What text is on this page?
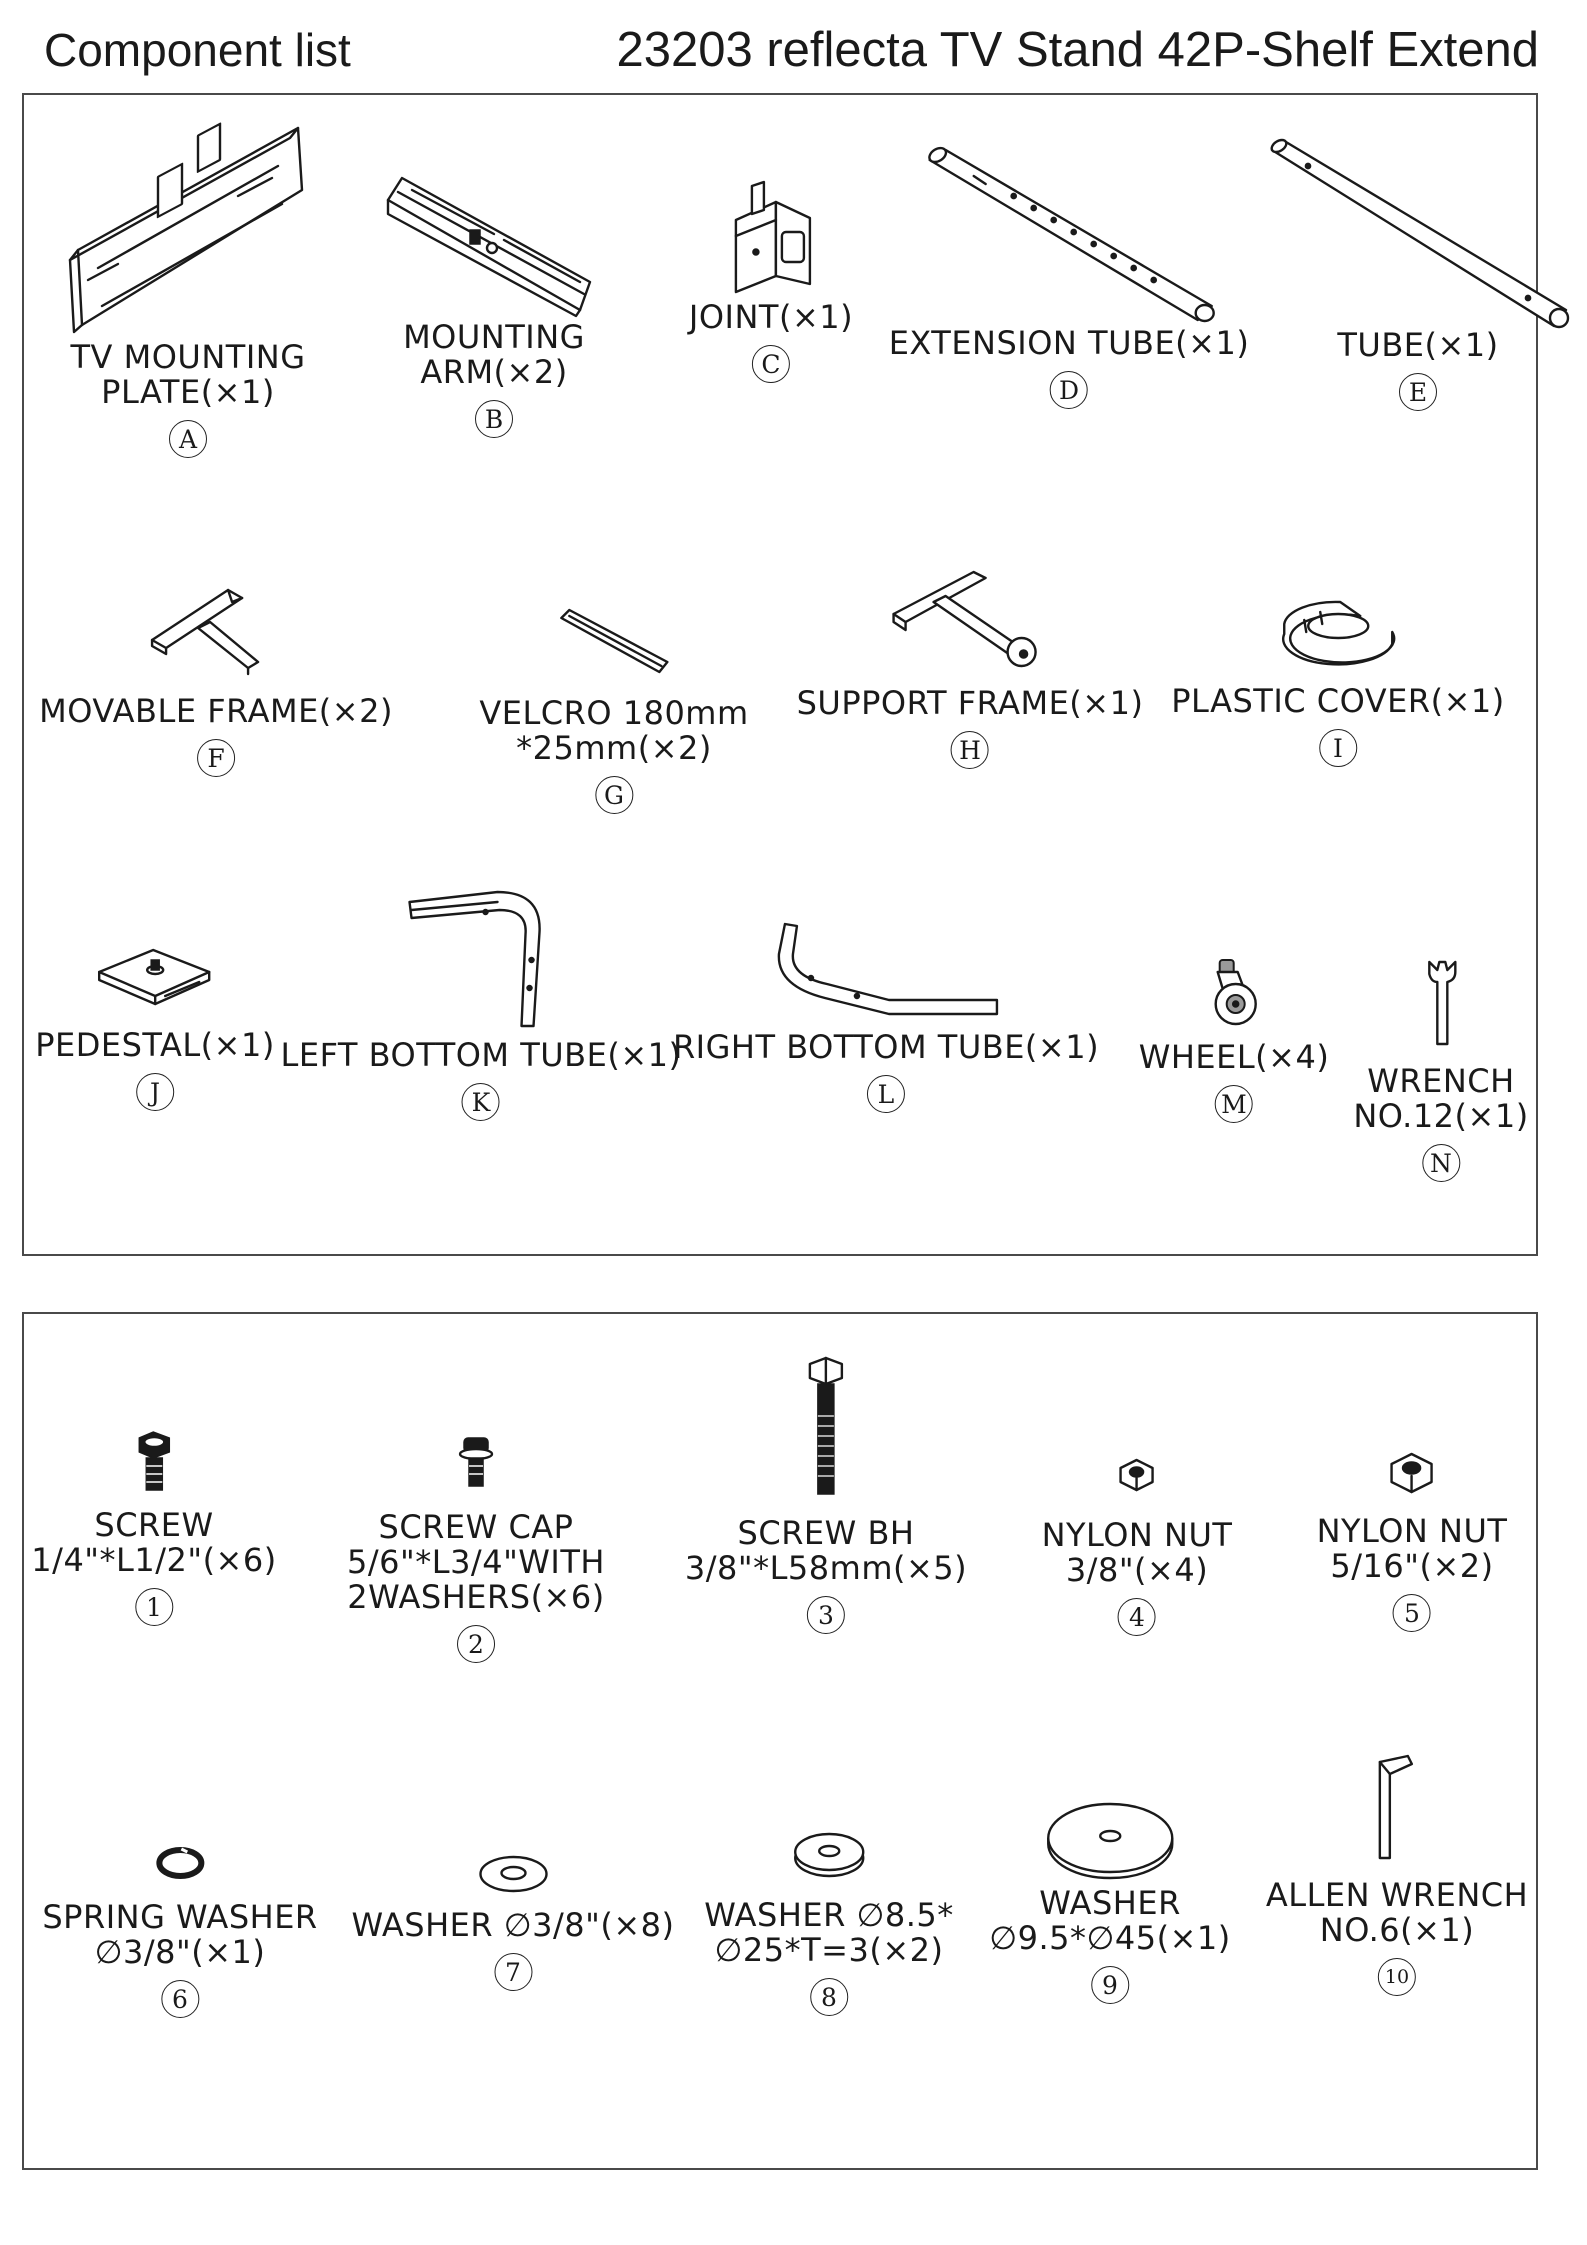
Component list	23203 reflecta TV Stand 42P-Shelf Extend
TV MOUNTING
PLATE(×1)
A
MOUNTING
ARM(×2)
B
JOINT(×1)
C
EXTENSION TUBE(×1)
D
TUBE(×1)
E
MOVABLE FRAME(×2)
F
VELCRO 180mm
*25mm(×2)
G
SUPPORT FRAME(×1)
H
PLASTIC COVER(×1)
I
PEDESTAL(×1)
J
LEFT BOTTOM TUBE(×1)
K
RIGHT BOTTOM TUBE(×1)
L
WHEEL(×4)
M
WRENCH
NO.12(×1)
N
SCREW
1/4"*L1/2"(×6)
1
SCREW CAP
5/6"*L3/4"WITH
2WASHERS(×6)
2
SCREW BH
3/8"*L58mm(×5)
3
NYLON NUT
3/8"(×4)
4
NYLON NUT
5/16"(×2)
5
SPRING WASHER
∅3/8"(×1)
6
WASHER ∅3/8"(×8)
7
WASHER ∅8.5*
∅25*T=3(×2)
8
WASHER
∅9.5*∅45(×1)
9
ALLEN WRENCH
NO.6(×1)
10
